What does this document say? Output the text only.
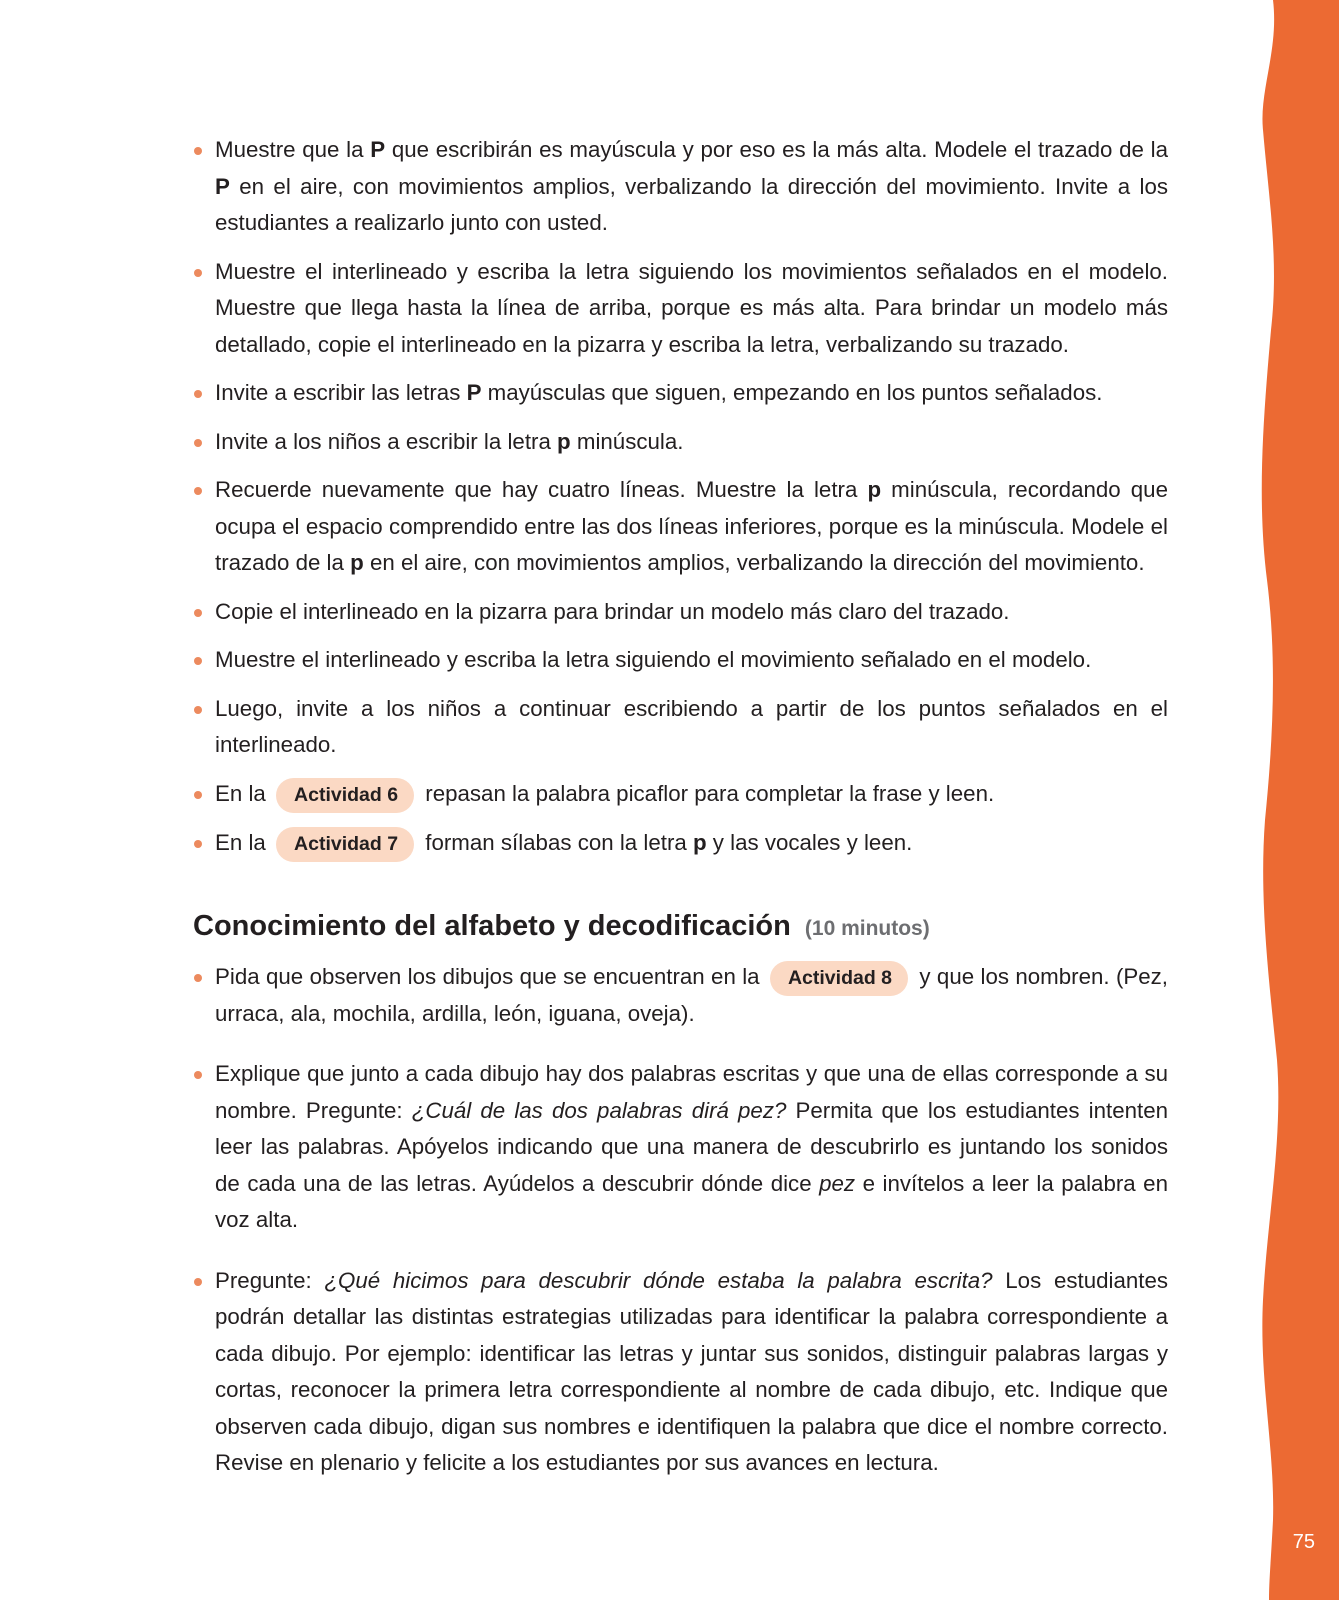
75
Muestre que la P que escribirán es mayúscula y por eso es la más alta. Modele el trazado de la P en el aire, con movimientos amplios, verbalizando la dirección del movimiento. Invite a los estudiantes a realizarlo junto con usted.
Muestre el interlineado y escriba la letra siguiendo los movimientos señalados en el modelo. Muestre que llega hasta la línea de arriba, porque es más alta. Para brindar un modelo más detallado, copie el interlineado en la pizarra y escriba la letra, verbalizando su trazado.
Invite a escribir las letras P mayúsculas que siguen, empezando en los puntos señalados.
Invite a los niños a escribir la letra p minúscula.
Recuerde nuevamente que hay cuatro líneas. Muestre la letra p minúscula, recordando que ocupa el espacio comprendido entre las dos líneas inferiores, porque es la minúscula. Modele el trazado de la p en el aire, con movimientos amplios, verbalizando la dirección del movimiento.
Copie el interlineado en la pizarra para brindar un modelo más claro del trazado.
Muestre el interlineado y escriba la letra siguiendo el movimiento señalado en el modelo.
Luego, invite a los niños a continuar escribiendo a partir de los puntos señalados en el interlineado.
En la Actividad 6 repasan la palabra picaflor para completar la frase y leen.
En la Actividad 7 forman sílabas con la letra p y las vocales y leen.
Conocimiento del alfabeto y decodificación (10 minutos)
Pida que observen los dibujos que se encuentran en la Actividad 8 y que los nombren. (Pez, urraca, ala, mochila, ardilla, león, iguana, oveja).
Explique que junto a cada dibujo hay dos palabras escritas y que una de ellas corresponde a su nombre. Pregunte: ¿Cuál de las dos palabras dirá pez? Permita que los estudiantes intenten leer las palabras. Apóyelos indicando que una manera de descubrirlo es juntando los sonidos de cada una de las letras. Ayúdelos a descubrir dónde dice pez e invítelos a leer la palabra en voz alta.
Pregunte: ¿Qué hicimos para descubrir dónde estaba la palabra escrita? Los estudiantes podrán detallar las distintas estrategias utilizadas para identificar la palabra correspondiente a cada dibujo. Por ejemplo: identificar las letras y juntar sus sonidos, distinguir palabras largas y cortas, reconocer la primera letra correspondiente al nombre de cada dibujo, etc. Indique que observen cada dibujo, digan sus nombres e identifiquen la palabra que dice el nombre correcto. Revise en plenario y felicite a los estudiantes por sus avances en lectura.
